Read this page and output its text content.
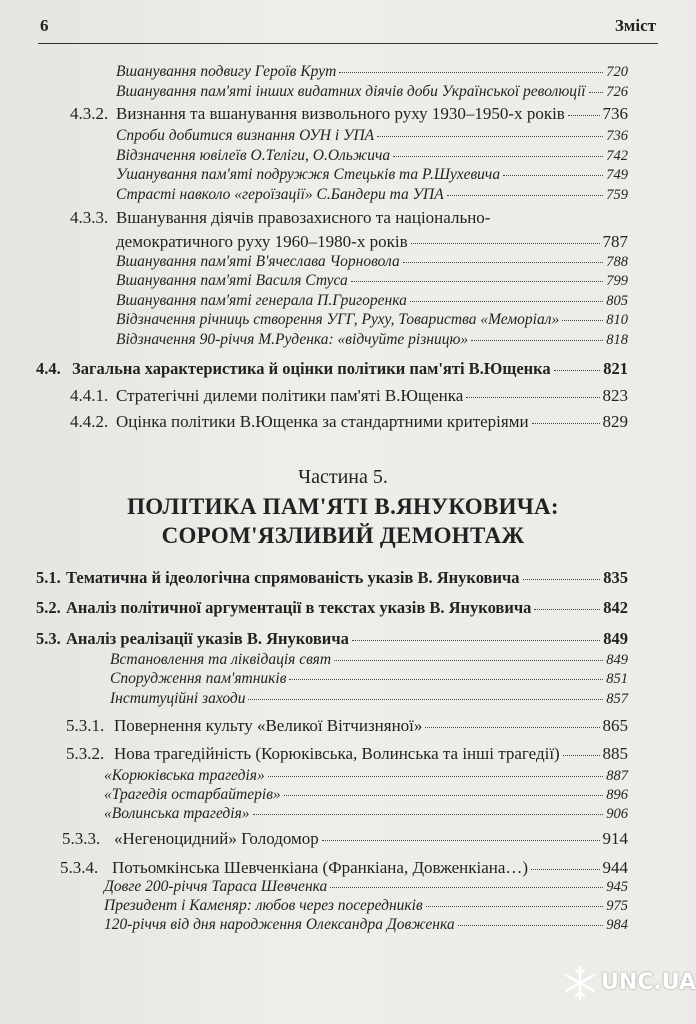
6	Зміст
Вшанування подвигу Героїв Крут	720
Вшанування пам'яті інших видатних діячів доби Української революції 726
4.3.2. Визнання та вшанування визвольного руху 1930–1950-х років 736
Спроби добитися визнання ОУН і УПА	736
Відзначення ювілеїв О.Теліги, О.Ольжича	742
Ушанування пам'яті подружжя Стецьків та Р.Шухевича	749
Страсті навколо «героїзації» С.Бандери та УПА	759
4.3.3. Вшанування діячів правозахисного та національно-
демократичного руху 1960–1980-х років	787
Вшанування пам'яті В'ячеслава Чорновола	788
Вшанування пам'яті Василя Стуса	799
Вшанування пам'яті генерала П.Григоренка	805
Відзначення річниць створення УГГ, Руху, Товариства «Меморіал»	810
Відзначення 90-річчя М.Руденка: «відчуйте різницю»	818
4.4. Загальна характеристика й оцінки політики пам'яті В.Ющенка	821
4.4.1. Стратегічні дилеми політики пам'яті В.Ющенка	823
4.4.2. Оцінка політики В.Ющенка за стандартними критеріями	829
Частина 5.
ПОЛІТИКА ПАМ'ЯТІ В.ЯНУКОВИЧА:
СОРОМ'ЯЗЛИВИЙ ДЕМОНТАЖ
5.1. Тематична й ідеологічна спрямованість указів В. Януковича	835
5.2. Аналіз політичної аргументації в текстах указів В. Януковича	842
5.3. Аналіз реалізації указів В. Януковича	849
Встановлення та ліквідація свят	849
Спорудження пам'ятників	851
Інституційні заходи	857
5.3.1. Повернення культу «Великої Вітчизняної»	865
5.3.2. Нова трагедійність (Корюківська, Волинська та інші трагедії)	885
«Корюківська трагедія»	887
«Трагедія остарбайтерів»	896
«Волинська трагедія»	906
5.3.3. «Негеноцидний» Голодомор	914
5.3.4. Потьомкінська Шевченкіана (Франкіана, Довженкіана…)	944
Довге 200-річчя Тараса Шевченка	945
Президент і Каменяр: любов через посередників	975
120-річчя від дня народження Олександра Довженка	984
UNC.UA
